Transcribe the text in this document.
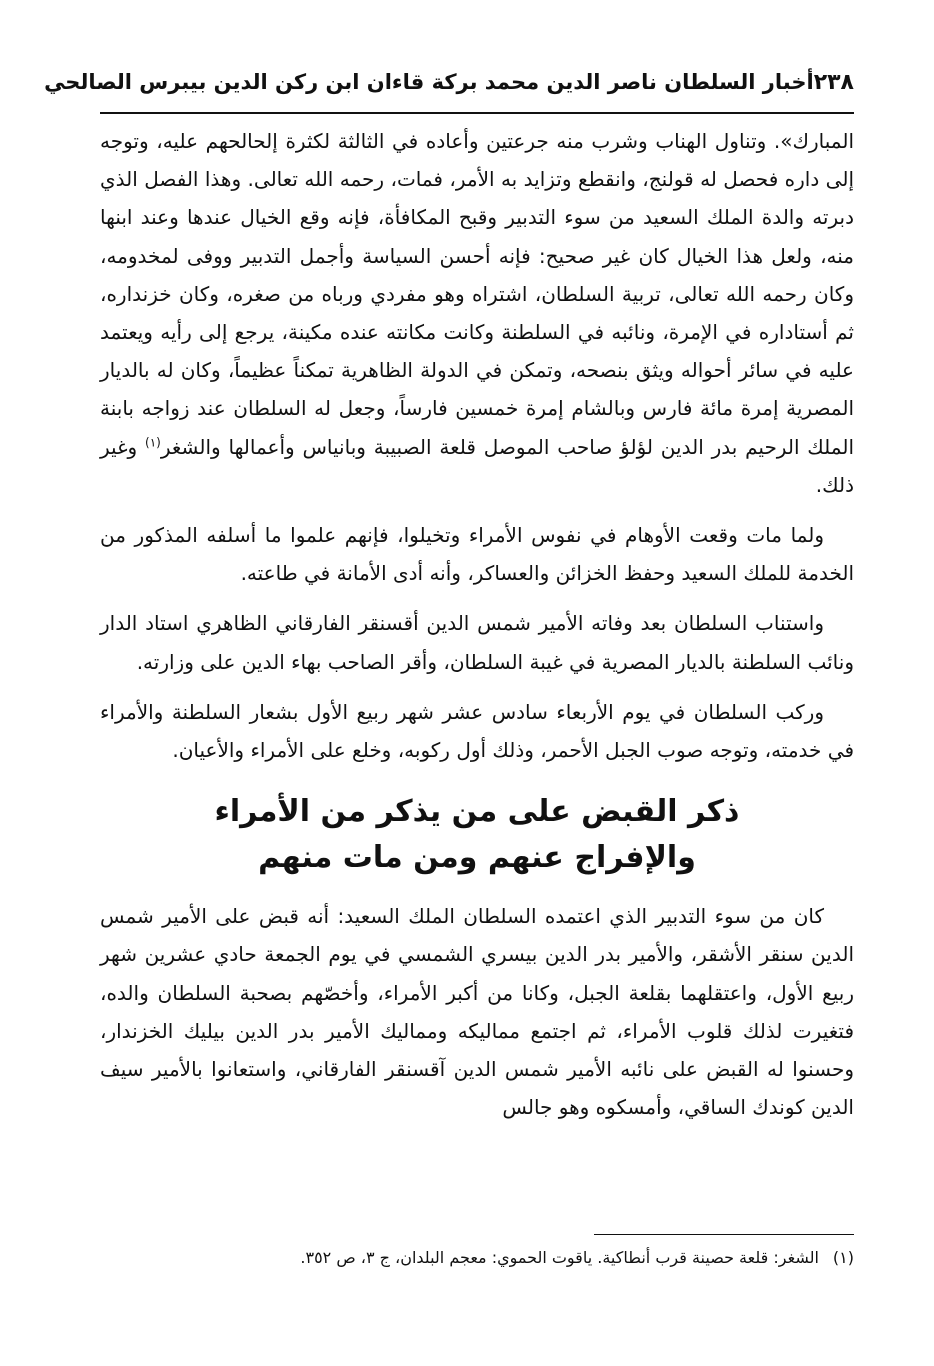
٢٣٨
أخبار السلطان ناصر الدين محمد بركة قاءان ابن ركن الدين بيبرس الصالحي

المبارك». وتناول الهناب وشرب منه جرعتين وأعاده في الثالثة لكثرة إلحالحهم عليه، وتوجه إلى داره فحصل له قولنج، وانقطع وتزايد به الأمر، فمات، رحمه الله تعالى. وهذا الفصل الذي دبرته والدة الملك السعيد من سوء التدبير وقبح المكافأة، فإنه وقع الخيال عندها وعند ابنها منه، ولعل هذا الخيال كان غير صحيح: فإنه أحسن السياسة وأجمل التدبير ووفى لمخدومه، وكان رحمه الله تعالى، تربية السلطان، اشتراه وهو مفردي ورباه من صغره، وكان خزنداره، ثم أستاداره في الإمرة، ونائبه في السلطنة وكانت مكانته عنده مكينة، يرجع إلى رأيه ويعتمد عليه في سائر أحواله ويثق بنصحه، وتمكن في الدولة الظاهرية تمكناً عظيماً، وكان له بالديار المصرية إمرة مائة فارس وبالشام إمرة خمسين فارساً، وجعل له السلطان عند زواجه بابنة الملك الرحيم بدر الدين لؤلؤ صاحب الموصل قلعة الصبيبة وبانياس وأعمالها والشغر$^{(١)}$ وغير ذلك.

ولما مات وقعت الأوهام في نفوس الأمراء وتخيلوا، فإنهم علموا ما أسلفه المذكور من الخدمة للملك السعيد وحفظ الخزائن والعساكر، وأنه أدى الأمانة في طاعته.

واستناب السلطان بعد وفاته الأمير شمس الدين أقسنقر الفارقاني الظاهري استاد الدار ونائب السلطنة بالديار المصرية في غيبة السلطان، وأقر الصاحب بهاء الدين على وزارته.

وركب السلطان في يوم الأربعاء سادس عشر شهر ربيع الأول بشعار السلطنة والأمراء في خدمته، وتوجه صوب الجبل الأحمر، وذلك أول ركوبه، وخلع على الأمراء والأعيان.

ذكر القبض على من يذكر من الأمراء
والإفراج عنهم ومن مات منهم

كان من سوء التدبير الذي اعتمده السلطان الملك السعيد: أنه قبض على الأمير شمس الدين سنقر الأشقر، والأمير بدر الدين بيسري الشمسي في يوم الجمعة حادي عشرين شهر ربيع الأول، واعتقلهما بقلعة الجبل، وكانا من أكبر الأمراء، وأخصّهم بصحبة السلطان والده، فتغيرت لذلك قلوب الأمراء، ثم اجتمع مماليكه ومماليك الأمير بدر الدين بيليك الخزندار، وحسنوا له القبض على نائبه الأمير شمس الدين آقسنقر الفارقاني، واستعانوا بالأمير سيف الدين كوندك الساقي، وأمسكوه وهو جالس

(١)الشغر: قلعة حصينة قرب أنطاكية. ياقوت الحموي: معجم البلدان، ج ٣، ص ٣٥٢.
